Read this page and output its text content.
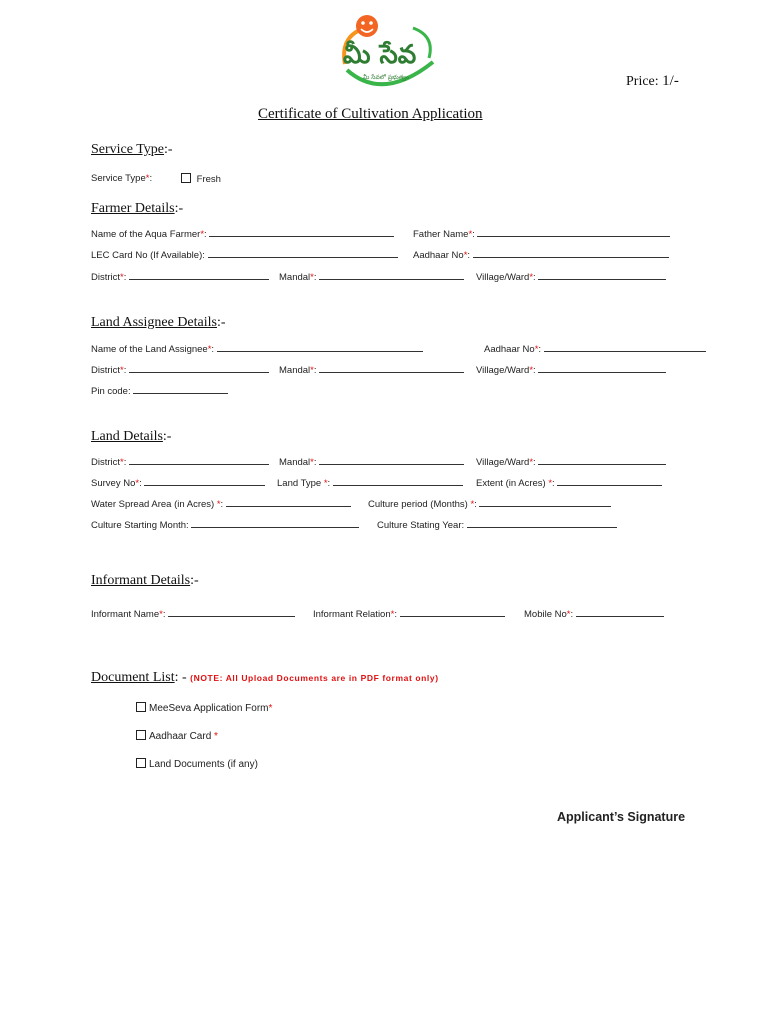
మీ సేవ
మీ సేవలో ప్రభుత్వం	Price: 1/-
Certificate of Cultivation Application
Service Type:-
Service Type*:	Fresh
Farmer Details:-
Name of the Aqua Farmer*:	Father Name*:
LEC Card No (If Available):	Aadhaar No*:
District*:	Mandal*:	Village/Ward*:
Land Assignee Details:-
Name of the Land Assignee*:	Aadhaar No*:
District*:	Mandal*:	Village/Ward*:
Pin code:
Land Details:-
District*:	Mandal*:	Village/Ward*:
Survey No*:	Land Type *:	Extent (in Acres) *:
Water Spread Area (in Acres) *:	Culture period (Months) *:
Culture Starting Month:	Culture Stating Year:
Informant Details:-
Informant Name*:	Informant Relation*:	Mobile No*:
Document List: - (NOTE: All Upload Documents are in PDF format only)
MeeSeva Application Form*
Aadhaar Card *
Land Documents (if any)
Applicant’s Signature
